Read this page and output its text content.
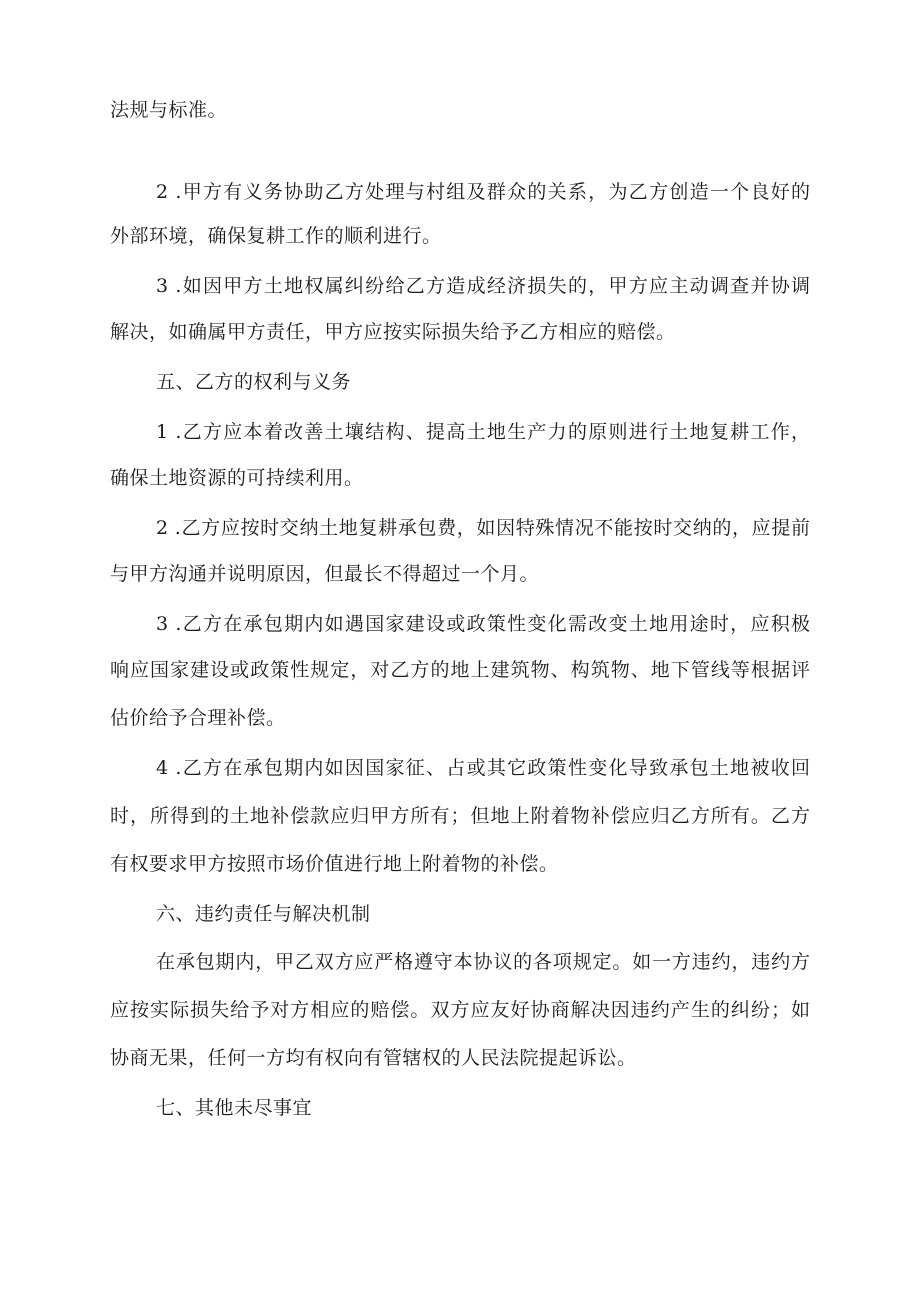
法规与标准。
2 .甲方有义务协助乙方处理与村组及群众的关系，为乙方创造一个良好的
外部环境，确保复耕工作的顺利进行。
3 .如因甲方土地权属纠纷给乙方造成经济损失的，甲方应主动调查并协调
解决，如确属甲方责任，甲方应按实际损失给予乙方相应的赔偿。
五、乙方的权利与义务
1 .乙方应本着改善土壤结构、提高土地生产力的原则进行土地复耕工作，
确保土地资源的可持续利用。
2 .乙方应按时交纳土地复耕承包费，如因特殊情况不能按时交纳的，应提前
与甲方沟通并说明原因，但最长不得超过一个月。
3 .乙方在承包期内如遇国家建设或政策性变化需改变土地用途时，应积极
响应国家建设或政策性规定，对乙方的地上建筑物、构筑物、地下管线等根据评
估价给予合理补偿。
4 .乙方在承包期内如因国家征、占或其它政策性变化导致承包土地被收回
时，所得到的土地补偿款应归甲方所有；但地上附着物补偿应归乙方所有。乙方
有权要求甲方按照市场价值进行地上附着物的补偿。
六、违约责任与解决机制
在承包期内，甲乙双方应严格遵守本协议的各项规定。如一方违约，违约方
应按实际损失给予对方相应的赔偿。双方应友好协商解决因违约产生的纠纷；如
协商无果，任何一方均有权向有管辖权的人民法院提起诉讼。
七、其他未尽事宜
